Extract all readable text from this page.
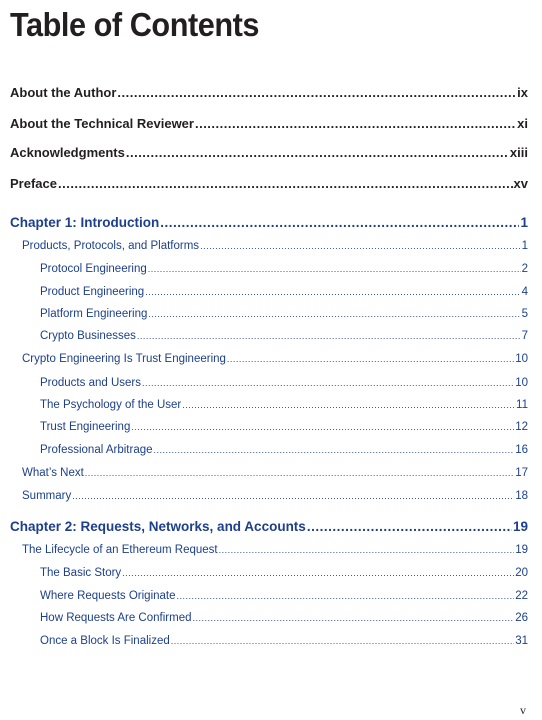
Table of Contents
About the Author .....	ix
About the Technical Reviewer .....	xi
Acknowledgments .....	xiii
Preface .....	xv
Chapter 1: Introduction .....	1
Products, Protocols, and Platforms .....	1
Protocol Engineering .....	2
Product Engineering .....	4
Platform Engineering .....	5
Crypto Businesses .....	7
Crypto Engineering Is Trust Engineering .....	10
Products and Users .....	10
The Psychology of the User .....	11
Trust Engineering .....	12
Professional Arbitrage .....	16
What’s Next .....	17
Summary .....	18
Chapter 2: Requests, Networks, and Accounts .....	19
The Lifecycle of an Ethereum Request .....	19
The Basic Story .....	20
Where Requests Originate .....	22
How Requests Are Confirmed .....	26
Once a Block Is Finalized .....	31
v
